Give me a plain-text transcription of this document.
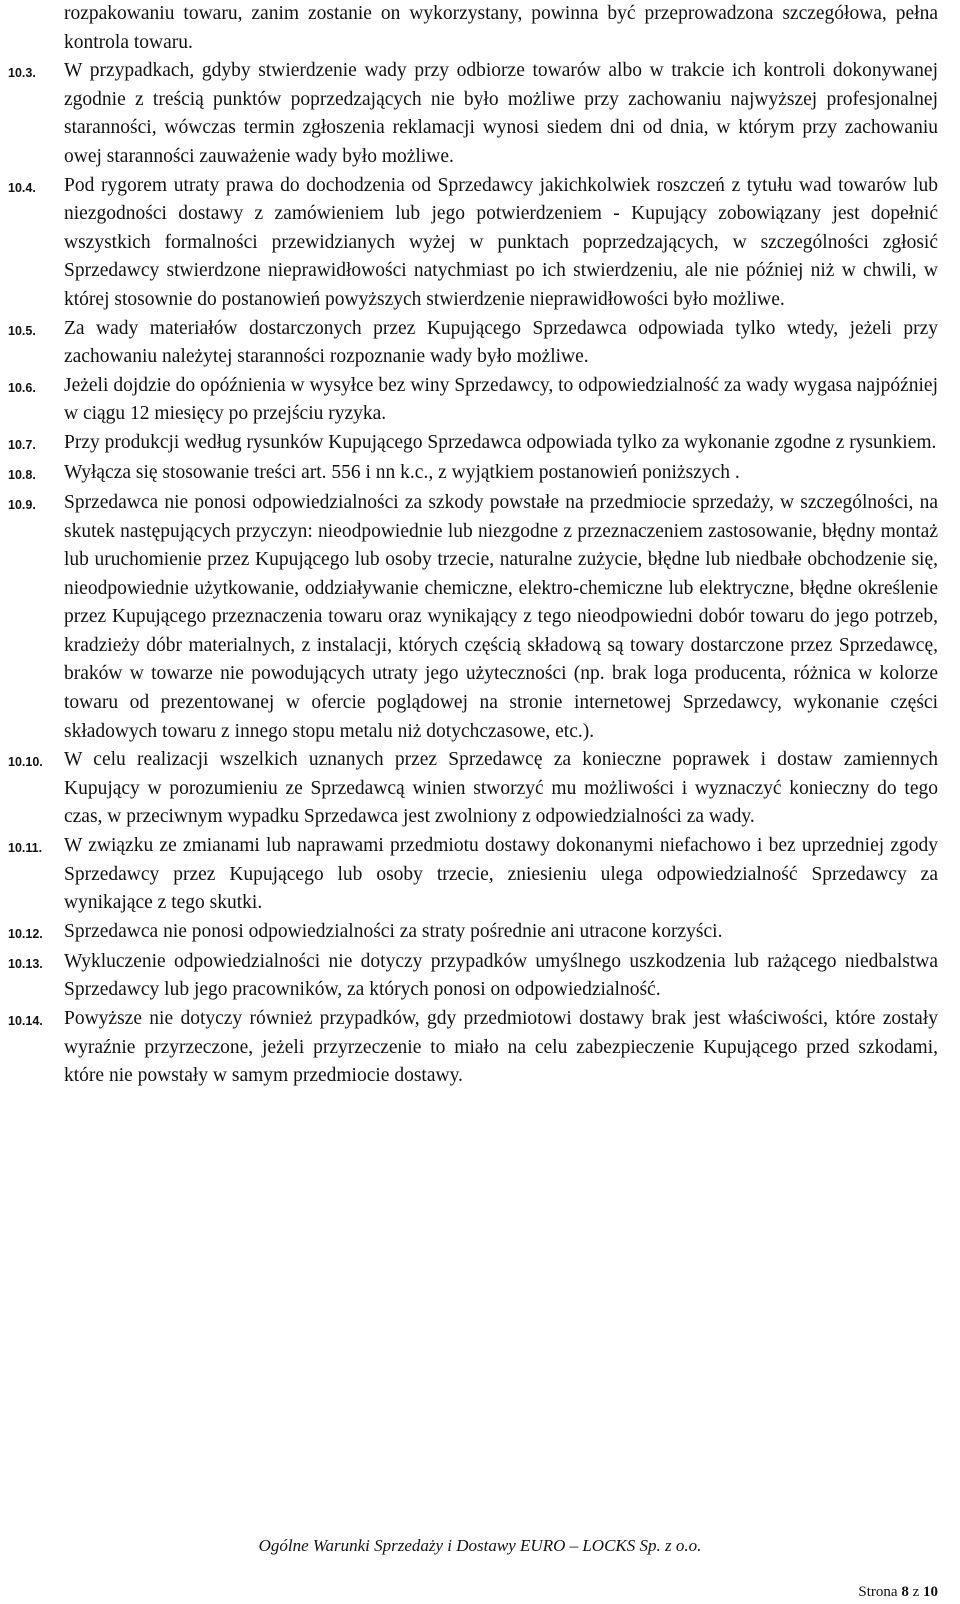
rozpakowaniu towaru, zanim zostanie on wykorzystany, powinna być przeprowadzona szczegółowa, pełna kontrola towaru.

10.3.	W przypadkach, gdyby stwierdzenie wady przy odbiorze towarów albo w trakcie ich kontroli dokonywanej zgodnie z treścią punktów poprzedzających nie było możliwe przy zachowaniu najwyższej profesjonalnej staranności, wówczas termin zgłoszenia reklamacji wynosi siedem dni od dnia, w którym przy zachowaniu owej staranności zauważenie wady było możliwe.

10.4.	Pod rygorem utraty prawa do dochodzenia od Sprzedawcy jakichkolwiek roszczeń z tytułu wad towarów lub niezgodności dostawy z zamówieniem lub jego potwierdzeniem - Kupujący zobowiązany jest dopełnić wszystkich formalności przewidzianych wyżej w punktach poprzedzających, w szczególności zgłosić Sprzedawcy stwierdzone nieprawidłowości natychmiast po ich stwierdzeniu, ale nie później niż w chwili, w której stosownie do postanowień powyższych stwierdzenie nieprawidłowości było możliwe.

10.5.	Za wady materiałów dostarczonych przez Kupującego Sprzedawca odpowiada tylko wtedy, jeżeli przy zachowaniu należytej staranności rozpoznanie wady było możliwe.

10.6.	Jeżeli dojdzie do opóźnienia w wysyłce bez winy Sprzedawcy, to odpowiedzialność za wady wygasa najpóźniej w ciągu 12 miesięcy po przejściu ryzyka.

10.7.	Przy produkcji według rysunków Kupującego Sprzedawca odpowiada tylko za wykonanie zgodne z rysunkiem.

10.8.	Wyłącza się stosowanie treści art. 556 i nn k.c., z wyjątkiem postanowień poniższych .

10.9.	Sprzedawca nie ponosi odpowiedzialności za szkody powstałe na przedmiocie sprzedaży, w szczególności, na skutek następujących przyczyn: nieodpowiednie lub niezgodne z przeznaczeniem zastosowanie, błędny montaż lub uruchomienie przez Kupującego lub osoby trzecie, naturalne zużycie, błędne lub niedbałe obchodzenie się, nieodpowiednie użytkowanie, oddziaływanie chemiczne, elektro-chemiczne lub elektryczne, błędne określenie przez Kupującego przeznaczenia towaru oraz wynikający z tego nieodpowiedni dobór towaru do jego potrzeb, kradzieży dóbr materialnych, z instalacji, których częścią składową są towary dostarczone przez Sprzedawcę, braków w towarze nie powodujących utraty jego użyteczności (np. brak loga producenta, różnica w kolorze towaru od prezentowanej w ofercie poglądowej na stronie internetowej Sprzedawcy, wykonanie części składowych towaru z innego stopu metalu niż dotychczasowe, etc.).

10.10.	W celu realizacji wszelkich uznanych przez Sprzedawcę za konieczne poprawek i dostaw zamiennych Kupujący w porozumieniu ze Sprzedawcą winien stworzyć mu możliwości i wyznaczyć konieczny do tego czas, w przeciwnym wypadku Sprzedawca jest zwolniony z odpowiedzialności za wady.

10.11.	W związku ze zmianami lub naprawami przedmiotu dostawy dokonanymi niefachowo i bez uprzedniej zgody Sprzedawcy przez Kupującego lub osoby trzecie, zniesieniu ulega odpowiedzialność Sprzedawcy za wynikające z tego skutki.

10.12.	Sprzedawca nie ponosi odpowiedzialności za straty pośrednie ani utracone korzyści.

10.13.	Wykluczenie odpowiedzialności nie dotyczy przypadków umyślnego uszkodzenia lub rażącego niedbalstwa Sprzedawcy lub jego pracowników, za których ponosi on odpowiedzialność.

10.14.	Powyższe nie dotyczy również przypadków, gdy przedmiotowi dostawy brak jest właściwości, które zostały wyraźnie przyrzeczone, jeżeli przyrzeczenie to miało na celu zabezpieczenie Kupującego przed szkodami, które nie powstały w samym przedmiocie dostawy.

Ogólne Warunki Sprzedaży i Dostawy EURO – LOCKS Sp. z o.o.
Strona 8 z 10
